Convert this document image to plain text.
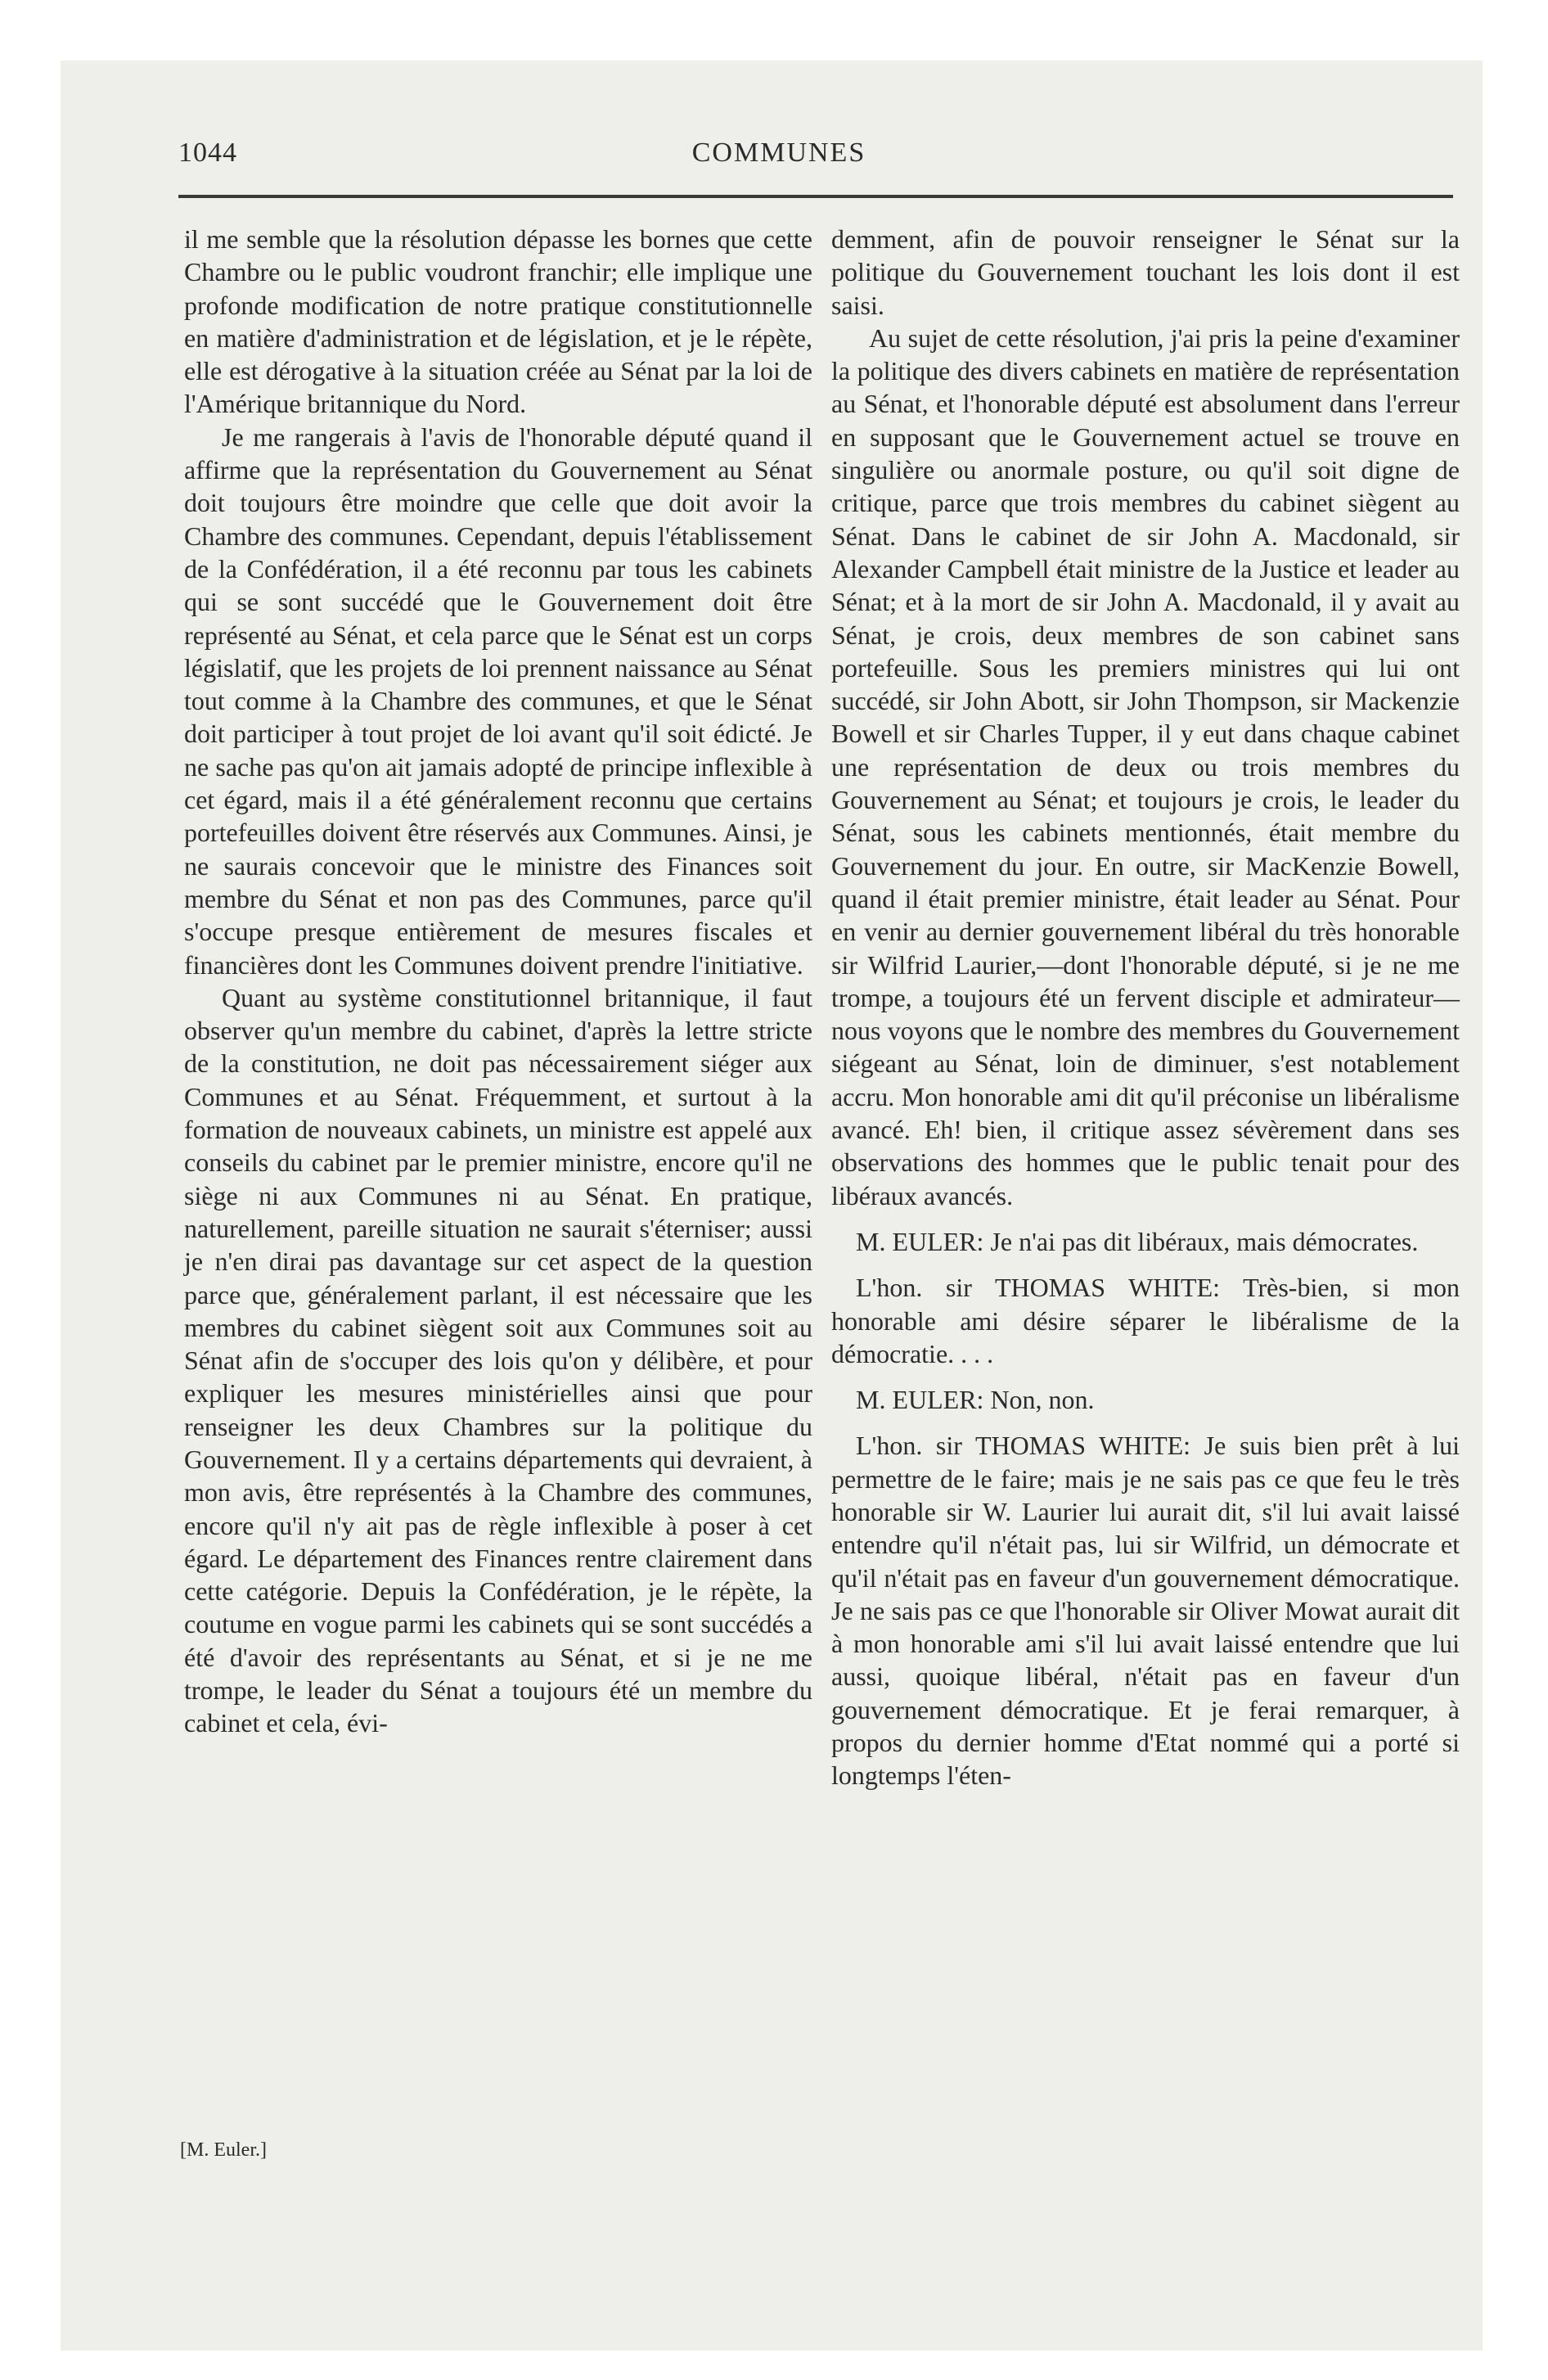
1044	COMMUNES

il me semble que la résolution dépasse les bornes que cette Chambre ou le public voudront franchir; elle implique une profonde modification de notre pratique constitutionnelle en matière d'administration et de législation, et je le répète, elle est dérogative à la situation créée au Sénat par la loi de l'Amérique britannique du Nord.

Je me rangerais à l'avis de l'honorable député quand il affirme que la représentation du Gouvernement au Sénat doit toujours être moindre que celle que doit avoir la Chambre des communes. Cependant, depuis l'établissement de la Confédération, il a été reconnu par tous les cabinets qui se sont succédé que le Gouvernement doit être représenté au Sénat, et cela parce que le Sénat est un corps législatif, que les projets de loi prennent naissance au Sénat tout comme à la Chambre des communes, et que le Sénat doit participer à tout projet de loi avant qu'il soit édicté. Je ne sache pas qu'on ait jamais adopté de principe inflexible à cet égard, mais il a été généralement reconnu que certains portefeuilles doivent être réservés aux Communes. Ainsi, je ne saurais concevoir que le ministre des Finances soit membre du Sénat et non pas des Communes, parce qu'il s'occupe presque entièrement de mesures fiscales et financières dont les Communes doivent prendre l'initiative.

Quant au système constitutionnel britannique, il faut observer qu'un membre du cabinet, d'après la lettre stricte de la constitution, ne doit pas nécessairement siéger aux Communes et au Sénat. Fréquemment, et surtout à la formation de nouveaux cabinets, un ministre est appelé aux conseils du cabinet par le premier ministre, encore qu'il ne siège ni aux Communes ni au Sénat. En pratique, naturellement, pareille situation ne saurait s'éterniser; aussi je n'en dirai pas davantage sur cet aspect de la question parce que, généralement parlant, il est nécessaire que les membres du cabinet siègent soit aux Communes soit au Sénat afin de s'occuper des lois qu'on y délibère, et pour expliquer les mesures ministérielles ainsi que pour renseigner les deux Chambres sur la politique du Gouvernement. Il y a certains départements qui devraient, à mon avis, être représentés à la Chambre des communes, encore qu'il n'y ait pas de règle inflexible à poser à cet égard. Le département des Finances rentre clairement dans cette catégorie. Depuis la Confédération, je le répète, la coutume en vogue parmi les cabinets qui se sont succédés a été d'avoir des représentants au Sénat, et si je ne me trompe, le leader du Sénat a toujours été un membre du cabinet et cela, évi-

demment, afin de pouvoir renseigner le Sénat sur la politique du Gouvernement touchant les lois dont il est saisi.

Au sujet de cette résolution, j'ai pris la peine d'examiner la politique des divers cabinets en matière de représentation au Sénat, et l'honorable député est absolument dans l'erreur en supposant que le Gouvernement actuel se trouve en singulière ou anormale posture, ou qu'il soit digne de critique, parce que trois membres du cabinet siègent au Sénat. Dans le cabinet de sir John A. Macdonald, sir Alexander Campbell était ministre de la Justice et leader au Sénat; et à la mort de sir John A. Macdonald, il y avait au Sénat, je crois, deux membres de son cabinet sans portefeuille. Sous les premiers ministres qui lui ont succédé, sir John Abott, sir John Thompson, sir Mackenzie Bowell et sir Charles Tupper, il y eut dans chaque cabinet une représentation de deux ou trois membres du Gouvernement au Sénat; et toujours je crois, le leader du Sénat, sous les cabinets mentionnés, était membre du Gouvernement du jour. En outre, sir MacKenzie Bowell, quand il était premier ministre, était leader au Sénat. Pour en venir au dernier gouvernement libéral du très honorable sir Wilfrid Laurier,—dont l'honorable député, si je ne me trompe, a toujours été un fervent disciple et admirateur— nous voyons que le nombre des membres du Gouvernement siégeant au Sénat, loin de diminuer, s'est notablement accru. Mon honorable ami dit qu'il préconise un libéralisme avancé. Eh! bien, il critique assez sévèrement dans ses observations des hommes que le public tenait pour des libéraux avancés.

M. EULER: Je n'ai pas dit libéraux, mais démocrates.

L'hon. sir THOMAS WHITE: Très-bien, si mon honorable ami désire séparer le libéralisme de la démocratie. . . .

M. EULER: Non, non.

L'hon. sir THOMAS WHITE: Je suis bien prêt à lui permettre de le faire; mais je ne sais pas ce que feu le très honorable sir W. Laurier lui aurait dit, s'il lui avait laissé entendre qu'il n'était pas, lui sir Wilfrid, un démocrate et qu'il n'était pas en faveur d'un gouvernement démocratique. Je ne sais pas ce que l'honorable sir Oliver Mowat aurait dit à mon honorable ami s'il lui avait laissé entendre que lui aussi, quoique libéral, n'était pas en faveur d'un gouvernement démocratique. Et je ferai remarquer, à propos du dernier homme d'Etat nommé qui a porté si longtemps l'éten-

[M. Euler.]
